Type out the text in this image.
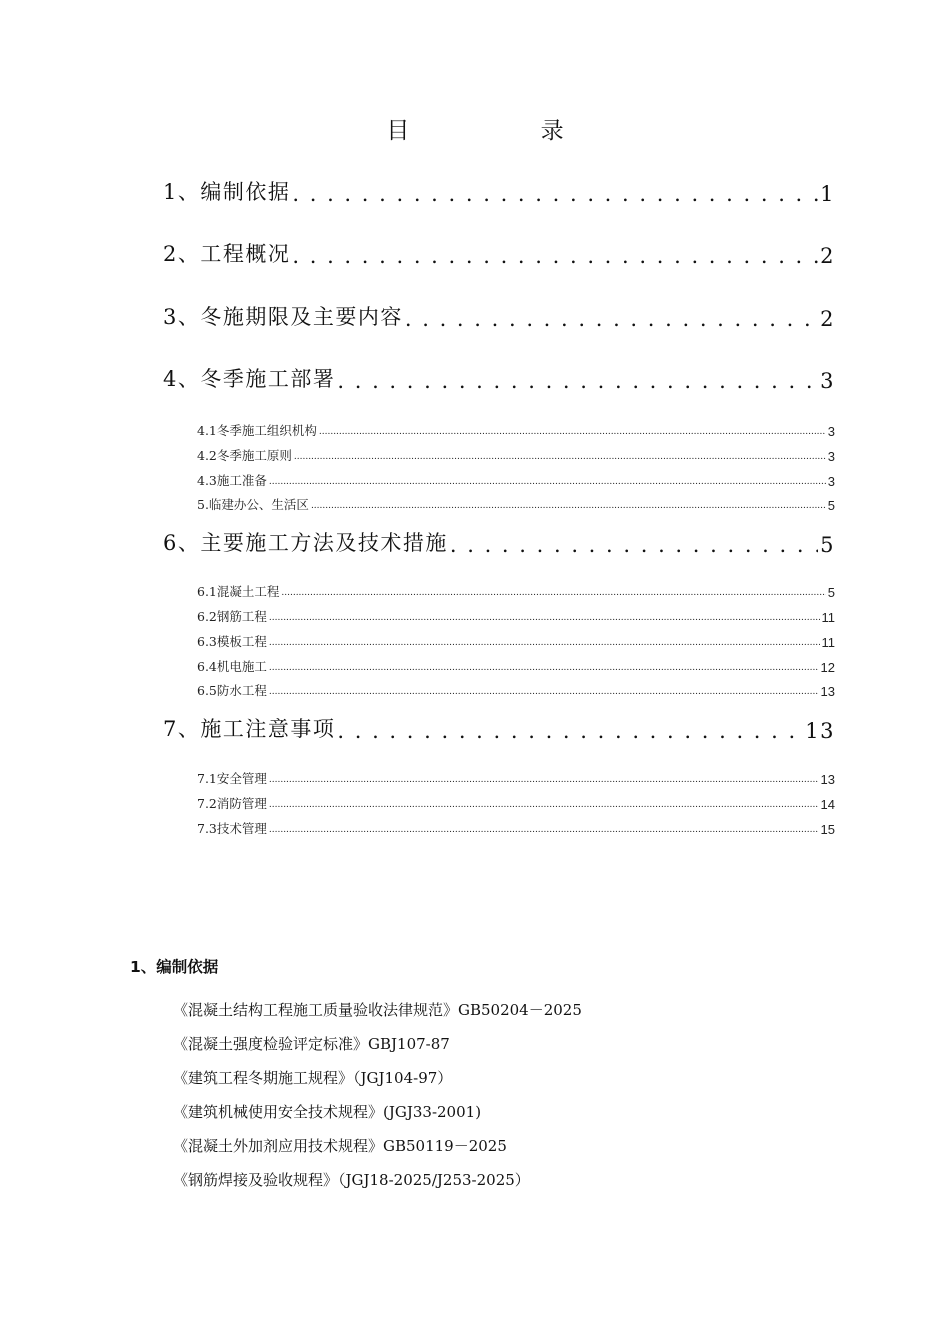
目 录
1、编制依据 . . .	1
2、工程概况 . . .	2
3、冬施期限及主要内容 . . .	2
4、冬季施工部署 . . .	3
4.1冬季施工组织机构 .....	3
4.2冬季施工原则 .....	3
4.3施工准备 .....	3
5.临建办公、生活区 .....	5
6、主要施工方法及技术措施 . . .	5
6.1混凝土工程 .....	5
6.2钢筋工程 .....	11
6.3模板工程 .....	11
6.4机电施工 .....	12
6.5防水工程 .....	13
7、施工注意事项 . . .	13
7.1安全管理 .....	13
7.2消防管理 .....	14
7.3技术管理 .....	15
1、编制依据
《混凝土结构工程施工质量验收法律规范》GB50204－2025
《混凝土强度检验评定标准》GBJ107-87
《建筑工程冬期施工规程》（JGJ104-97）
《建筑机械使用安全技术规程》(JGJ33-2001)
《混凝土外加剂应用技术规程》GB50119－2025
《钢筋焊接及验收规程》（JGJ18-2025/J253-2025）
